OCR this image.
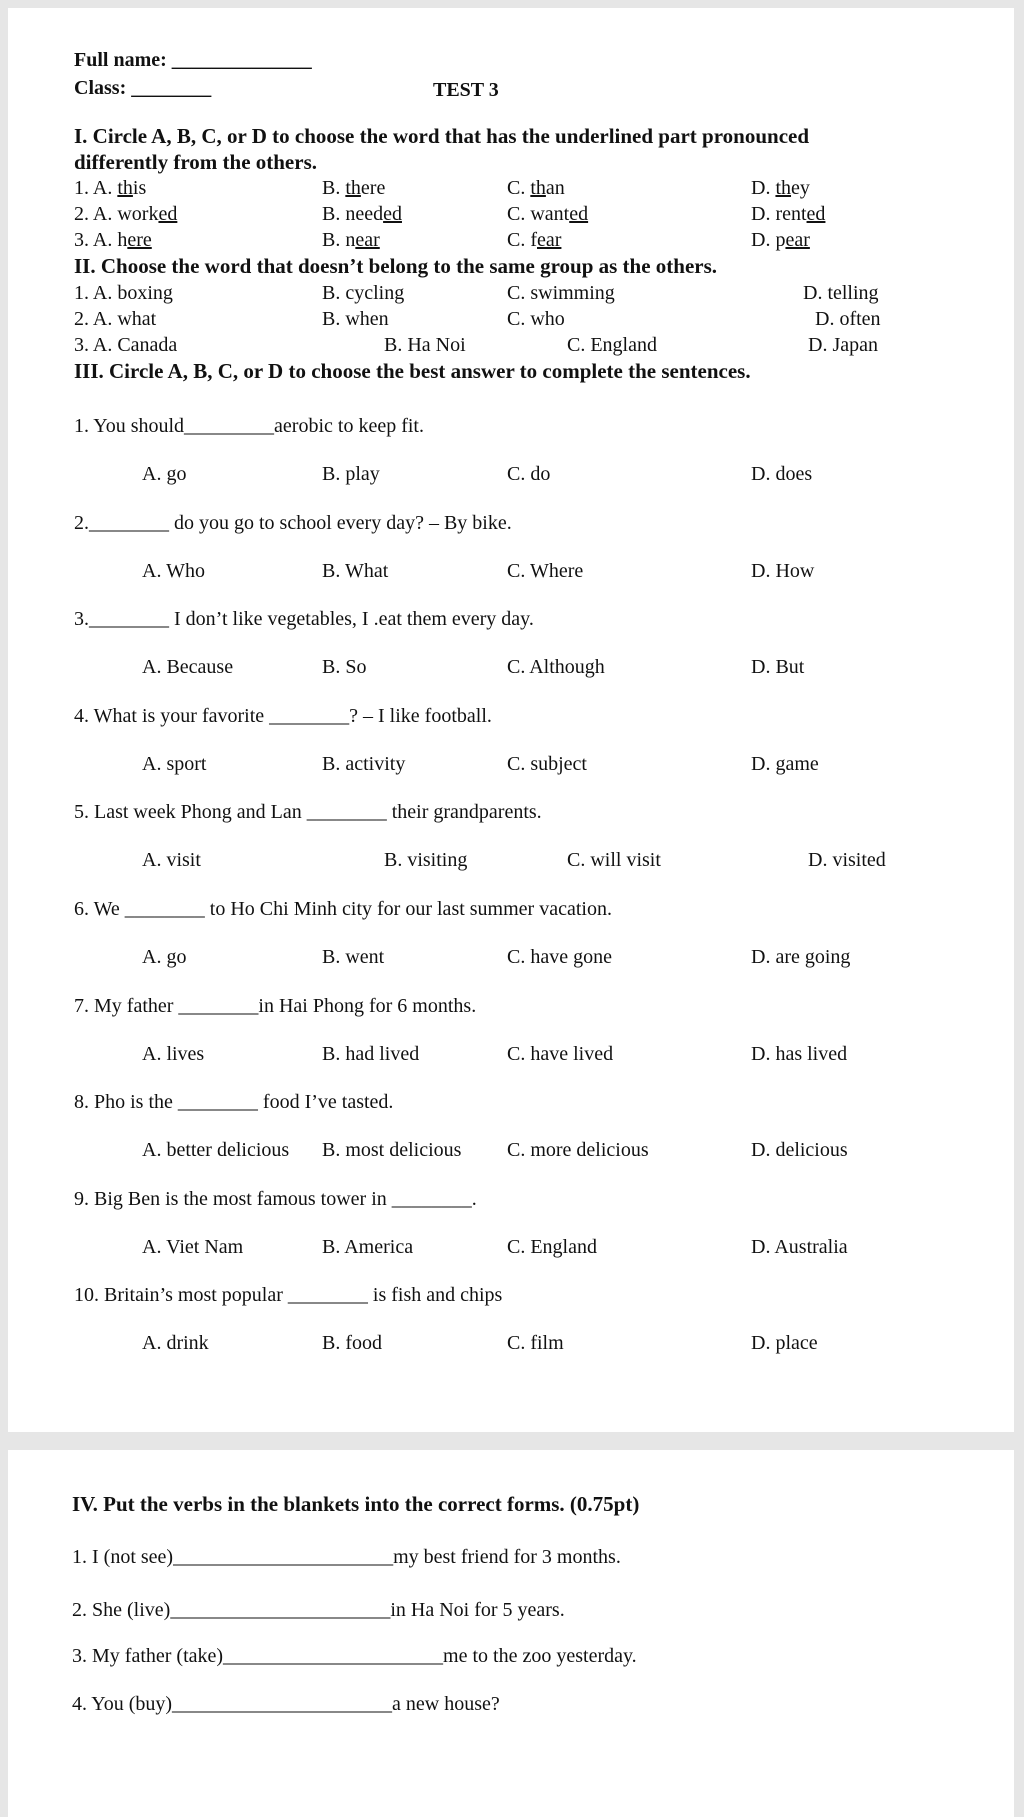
Full name: ______________
Class: ________	TEST 3
I. Circle A, B, C, or D to choose the word that has the underlined part pronounced
differently from the others.
1. A. this	B. there	C. than	D. they
2. A. worked	B. needed	C. wanted	D. rented
3. A. here	B. near	C. fear	D. pear
II. Choose the word that doesn’t belong to the same group as the others.
1. A. boxing	B. cycling	C. swimming	D. telling
2. A. what	B. when	C. who	D. often
3. A. Canada	B. Ha Noi	C. England	D. Japan
III. Circle A, B, C, or D to choose the best answer to complete the sentences.
1. You should_________aerobic to keep fit.
A. go	B. play	C. do	D. does
2.________ do you go to school every day? – By bike.
A. Who	B. What	C. Where	D. How
3.________ I don’t like vegetables, I .eat them every day.
A. Because	B. So	C. Although	D. But
4. What is your favorite ________? – I like football.
A. sport	B. activity	C. subject	D. game
5. Last week Phong and Lan ________ their grandparents.
A. visit	B. visiting	C. will visit	D. visited
6. We ________ to Ho Chi Minh city for our last summer vacation.
A. go	B. went	C. have gone	D. are going
7. My father ________in Hai Phong for 6 months.
A. lives	B. had lived	C. have lived	D. has lived
8. Pho is the ________ food I’ve tasted.
A. better delicious B. most delicious C. more delicious	D. delicious
9. Big Ben is the most famous tower in ________.
A. Viet Nam	B. America	C. England	D. Australia
10. Britain’s most popular ________ is fish and chips
A. drink	B. food	C. film	D. place
IV. Put the verbs in the blankets into the correct forms. (0.75pt)
1. I (not see)______________________my best friend for 3 months.
2. She (live)______________________in Ha Noi for 5 years.
3. My father (take)______________________me to the zoo yesterday.
4. You (buy)______________________a new house?
